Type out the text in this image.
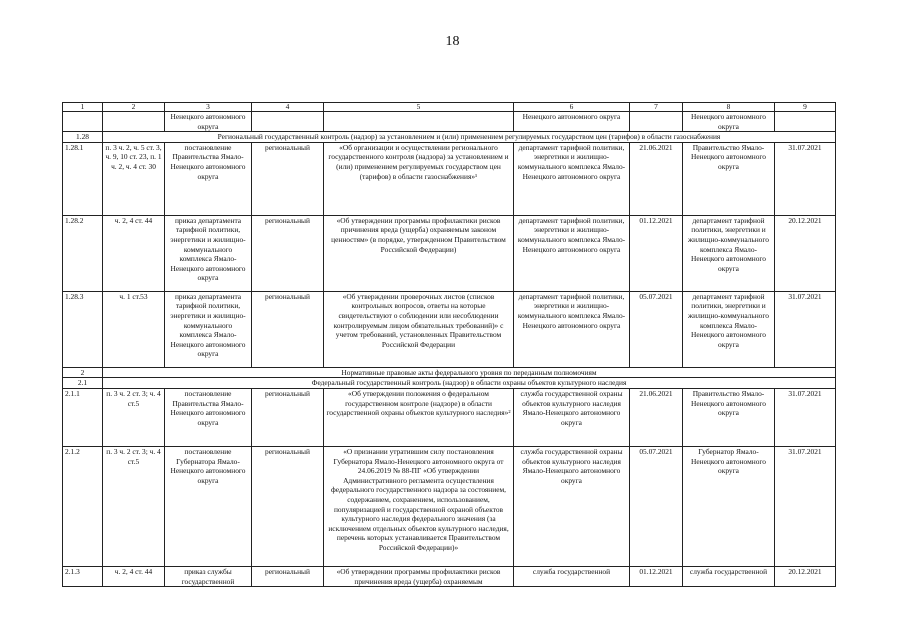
18
1	2	3	4	5	6	7	8	9
		Ненецкого автономного округа			Ненецкого автономного округа		Ненецкого автономного округа	
1.28	Региональный государственный контроль (надзор) за установлением и (или) применением регулируемых государством цен (тарифов) в области газоснабжения							
1.28.1	п. 3 ч. 2, ч. 5 ст. 3, ч. 9, 10 ст. 23, п. 1 ч. 2, ч. 4 ст. 30	постановление Правительства Ямало-Ненецкого автономного округа	региональный	«Об организации и осуществлении регионального государственного контроля (надзора) за установлением и (или) применением регулируемых государством цен (тарифов) в области газоснабжения»¹	департамент тарифной политики, энергетики и жилищно-коммунального комплекса Ямало-Ненецкого автономного округа	21.06.2021	Правительство Ямало-Ненецкого автономного округа	31.07.2021
1.28.2	ч. 2, 4 ст. 44	приказ департамента тарифной политики, энергетики и жилищно-коммунального комплекса Ямало-Ненецкого автономного округа	региональный	«Об утверждении программы профилактики рисков причинения вреда (ущерба) охраняемым законом ценностям» (в порядке, утвержденном Правительством Российской Федерации)	департамент тарифной политики, энергетики и жилищно-коммунального комплекса Ямало-Ненецкого автономного округа	01.12.2021	департамент тарифной политики, энергетики и жилищно-коммунального комплекса Ямало-Ненецкого автономного округа	20.12.2021
1.28.3	ч. 1 ст.53	приказ департамента тарифной политики, энергетики и жилищно-коммунального комплекса Ямало-Ненецкого автономного округа	региональный	«Об утверждении проверочных листов (списков контрольных вопросов, ответы на которые свидетельствуют о соблюдении или несоблюдении контролируемым лицом обязательных требований)» с учетом требований, установленных Правительством Российской Федерации	департамент тарифной политики, энергетики и жилищно-коммунального комплекса Ямало-Ненецкого автономного округа	05.07.2021	департамент тарифной политики, энергетики и жилищно-коммунального комплекса Ямало-Ненецкого автономного округа	31.07.2021
2	Нормативные правовые акты федерального уровня по переданным полномочиям							
2.1	Федеральный государственный контроль (надзор) в области охраны объектов культурного наследия							
2.1.1	п. 3 ч. 2 ст. 3; ч. 4 ст.5	постановление Правительства Ямало-Ненецкого автономного округа	региональный	«Об утверждении положения о федеральном государственном контроле (надзоре) в области государственной охраны объектов культурного наследия»²	служба государственной охраны объектов культурного наследия Ямало-Ненецкого автономного округа	21.06.2021	Правительство Ямало-Ненецкого автономного округа	31.07.2021
2.1.2	п. 3 ч. 2 ст. 3; ч. 4 ст.5	постановление Губернатора Ямало-Ненецкого автономного округа	региональный	«О признании утратившим силу постановления Губернатора Ямало-Ненецкого автономного округа от 24.06.2019 № 88-ПГ «Об утверждении Административного регламента осуществления федерального государственного надзора за состоянием, содержанием, сохранением, использованием, популяризацией и государственной охраной объектов культурного наследия федерального значения (за исключением отдельных объектов культурного наследия, перечень которых устанавливается Правительством Российской Федерации)»	служба государственной охраны объектов культурного наследия Ямало-Ненецкого автономного округа	05.07.2021	Губернатор Ямало-Ненецкого автономного округа	31.07.2021
2.1.3	ч. 2, 4 ст. 44	приказ службы государственной	региональный	«Об утверждении программы профилактики рисков причинения вреда (ущерба) охраняемым	служба государственной	01.12.2021	служба государственной	20.12.2021
